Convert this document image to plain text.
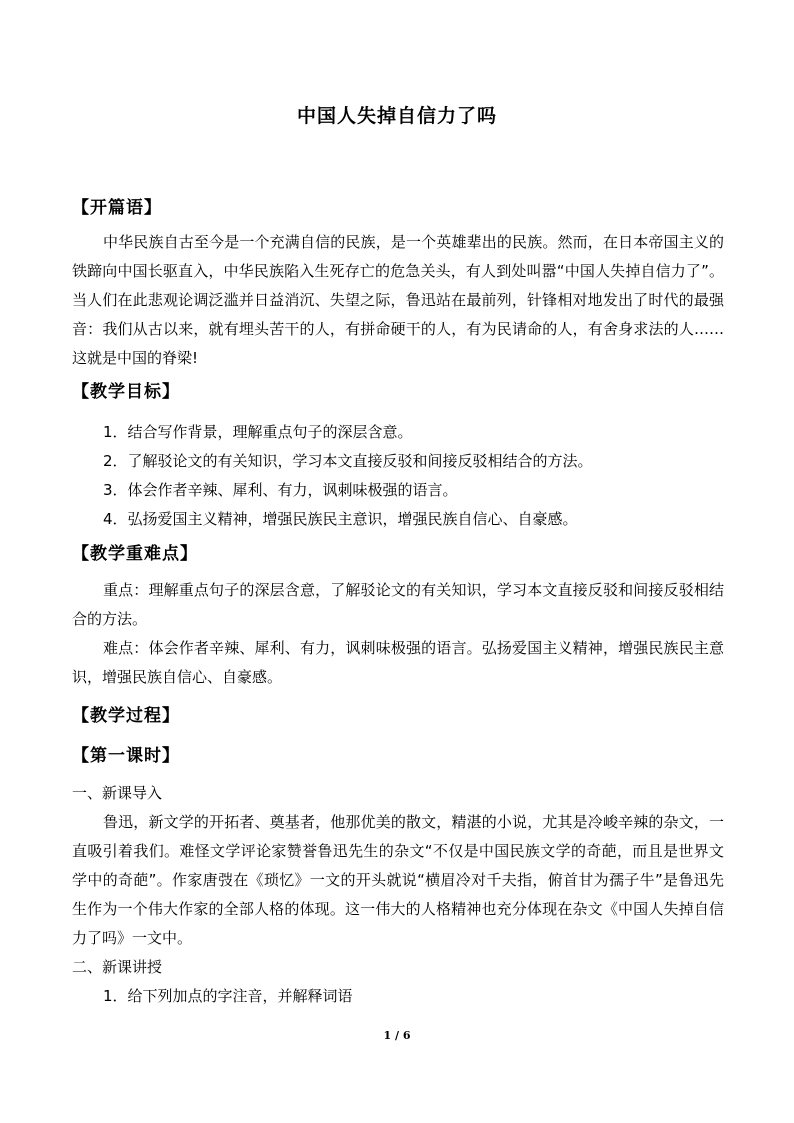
中国人失掉自信力了吗
【开篇语】
中华民族自古至今是一个充满自信的民族，是一个英雄辈出的民族。然而，在日本帝国主义的铁蹄向中国长驱直入，中华民族陷入生死存亡的危急关头，有人到处叫嚣“中国人失掉自信力了”。当人们在此悲观论调泛滥并日益消沉、失望之际，鲁迅站在最前列，针锋相对地发出了时代的最强音：我们从古以来，就有埋头苦干的人，有拼命硬干的人，有为民请命的人，有舍身求法的人……这就是中国的脊梁!
【教学目标】
1．结合写作背景，理解重点句子的深层含意。
2．了解驳论文的有关知识，学习本文直接反驳和间接反驳相结合的方法。
3．体会作者辛辣、犀利、有力，讽刺味极强的语言。
4．弘扬爱国主义精神，增强民族民主意识，增强民族自信心、自豪感。
【教学重难点】
重点：理解重点句子的深层含意，了解驳论文的有关知识，学习本文直接反驳和间接反驳相结合的方法。
难点：体会作者辛辣、犀利、有力，讽刺味极强的语言。弘扬爱国主义精神，增强民族民主意识，增强民族自信心、自豪感。
【教学过程】
【第一课时】
一、新课导入
鲁迅，新文学的开拓者、奠基者，他那优美的散文，精湛的小说，尤其是冷峻辛辣的杂文，一直吸引着我们。难怪文学评论家赞誉鲁迅先生的杂文“不仅是中国民族文学的奇葩，而且是世界文学中的奇葩”。作家唐弢在《琐忆》一文的开头就说“横眉冷对千夫指，俯首甘为孺子牛”是鲁迅先生作为一个伟大作家的全部人格的体现。这一伟大的人格精神也充分体现在杂文《中国人失掉自信力了吗》一文中。
二、新课讲授
1．给下列加点的字注音，并解释词语
1 / 6
